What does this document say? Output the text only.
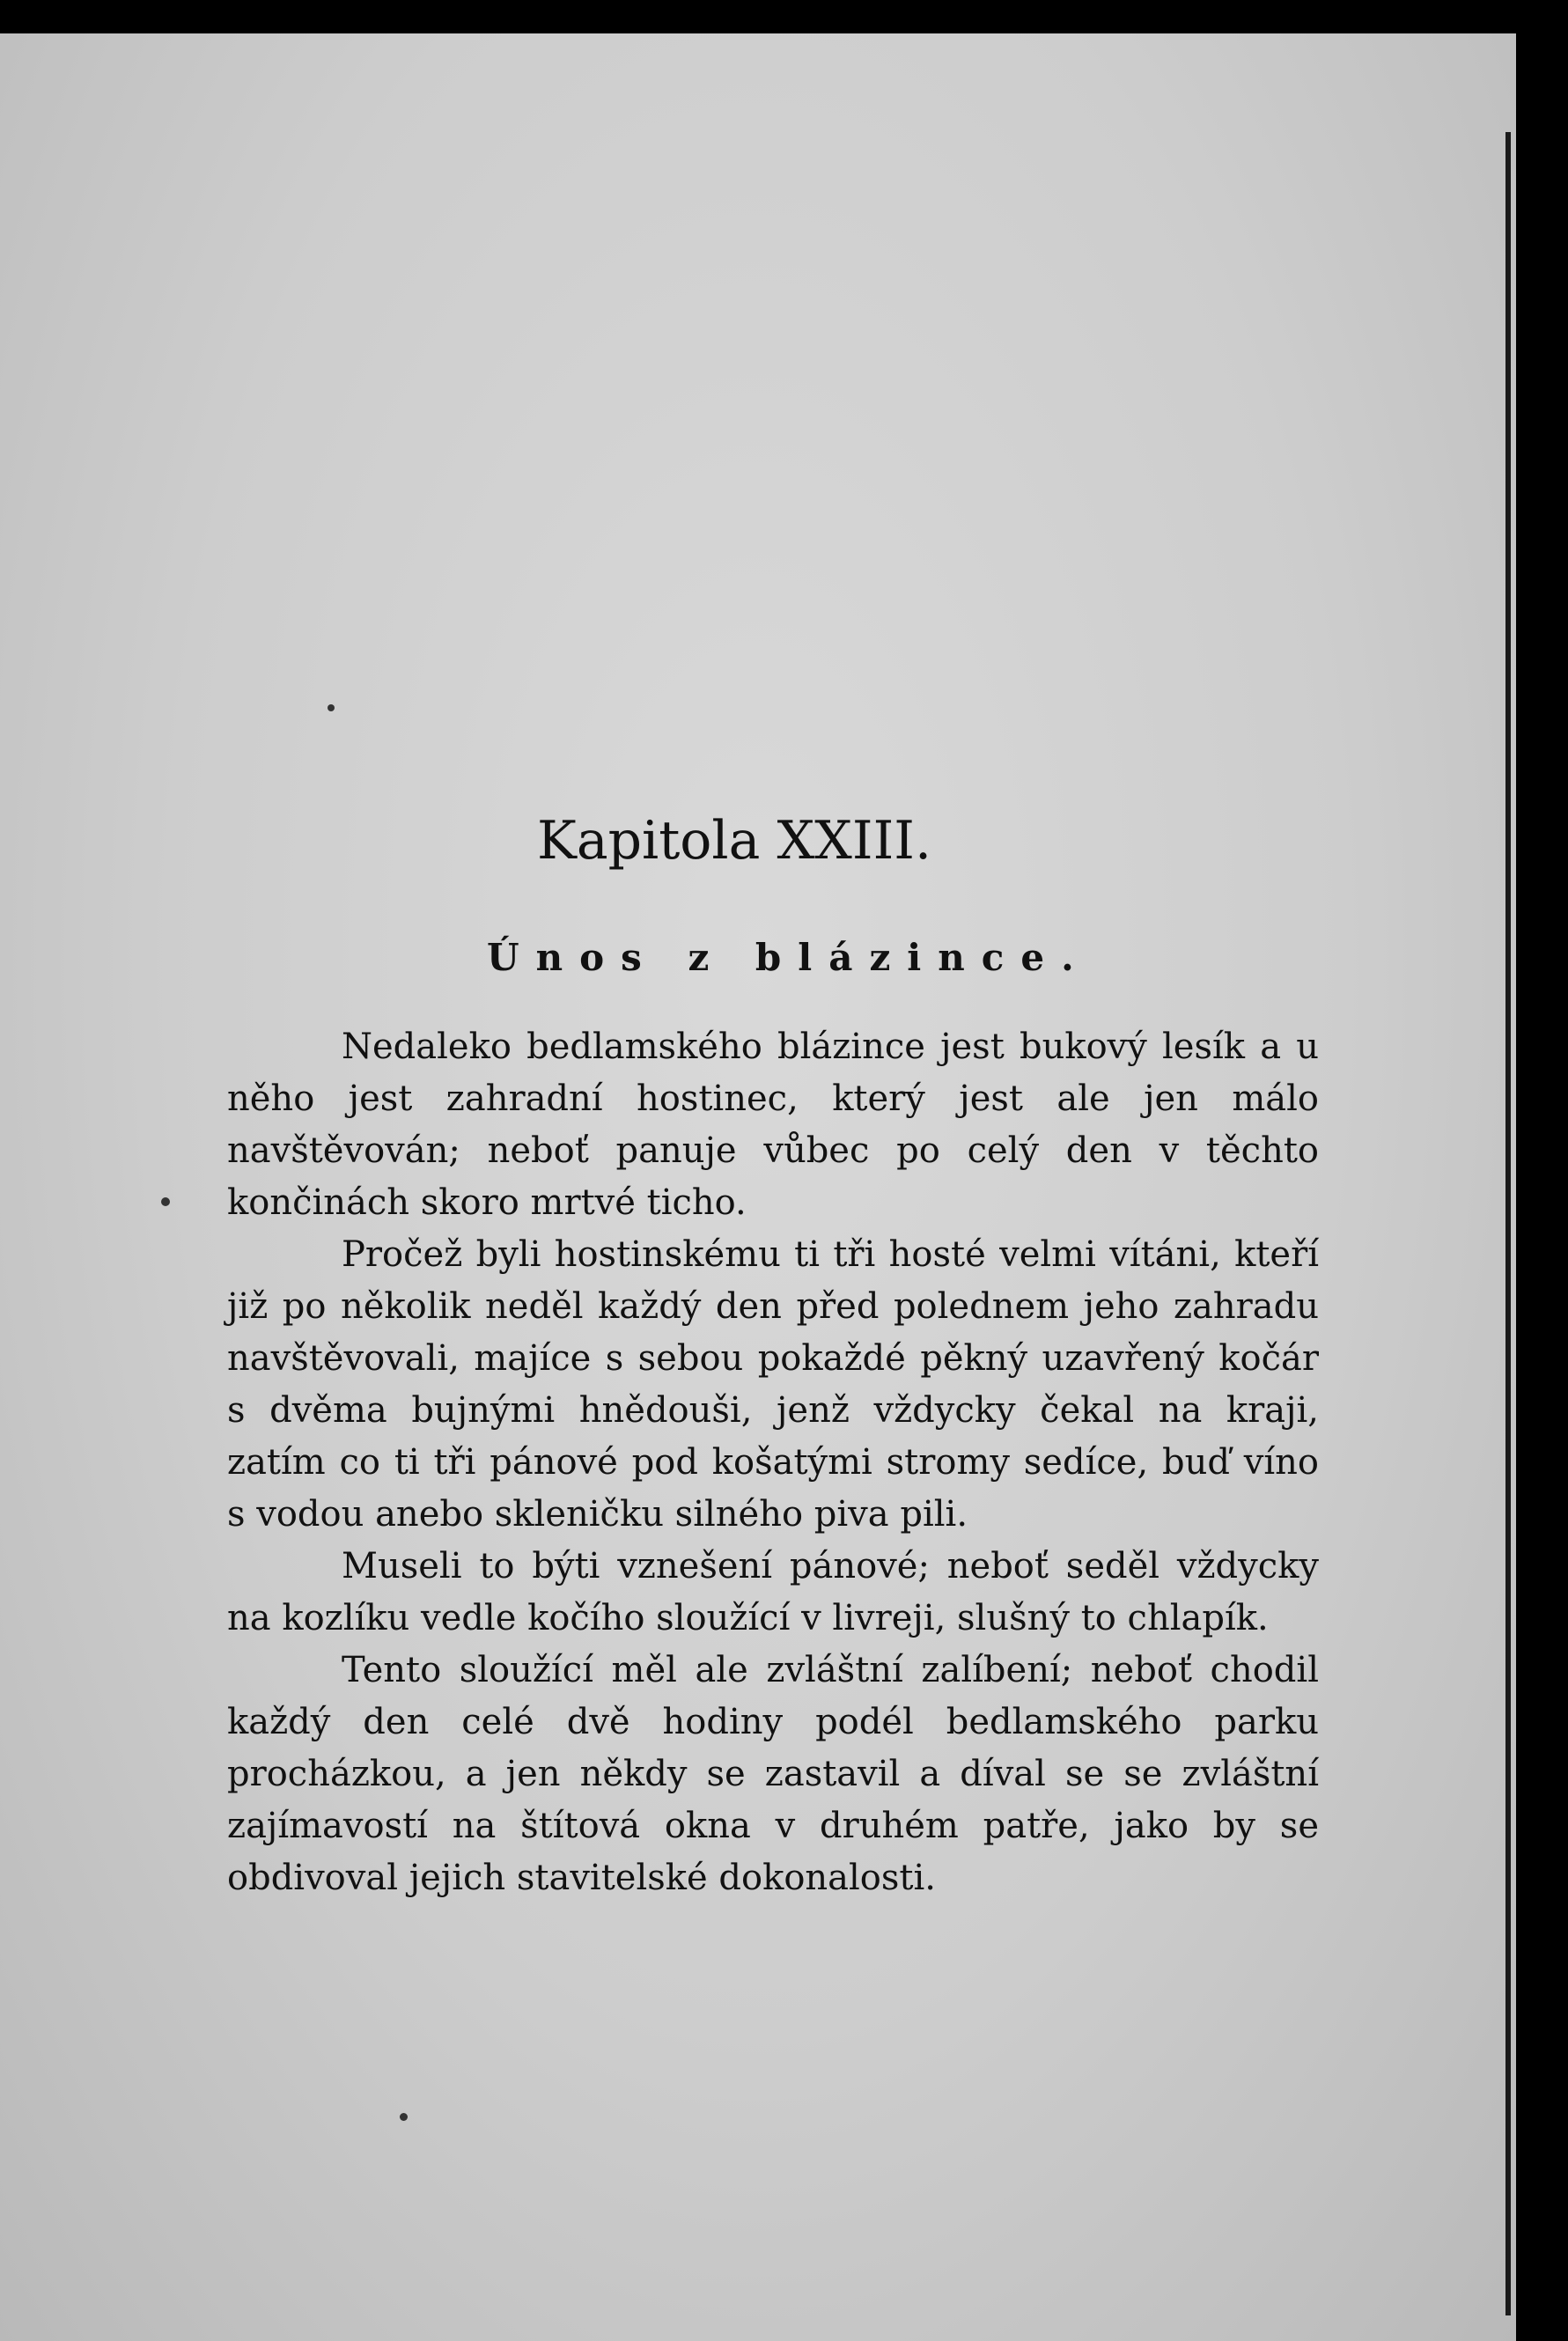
Kapitola XXIII.
Únos z blázince.

Nedaleko bedlamského blázince jest bukový lesík a u něho jest zahradní hostinec, který jest ale jen málo navštěvován; neboť panuje vůbec po celý den v těchto končinách skoro mrtvé ticho.

Pročež byli hostinskému ti tři hosté velmi vítáni, kteří již po několik neděl každý den před polednem jeho zahradu navštěvovali, majíce s sebou pokaždé pěkný uzavřený kočár s dvěma bujnými hnědouši, jenž vždycky čekal na kraji, zatím co ti tři pánové pod košatými stromy sedíce, buď víno s vodou anebo skleničku silného piva pili.

Museli to býti vznešení pánové; neboť seděl vždycky na kozlíku vedle kočího sloužící v livreji, slušný to chlapík.

Tento sloužící měl ale zvláštní zalíbení; neboť chodil každý den celé dvě hodiny podél bedlamského parku procházkou, a jen někdy se zastavil a díval se se zvláštní zajímavostí na štítová okna v druhém patře, jako by se obdivoval jejich stavitelské dokonalosti.
